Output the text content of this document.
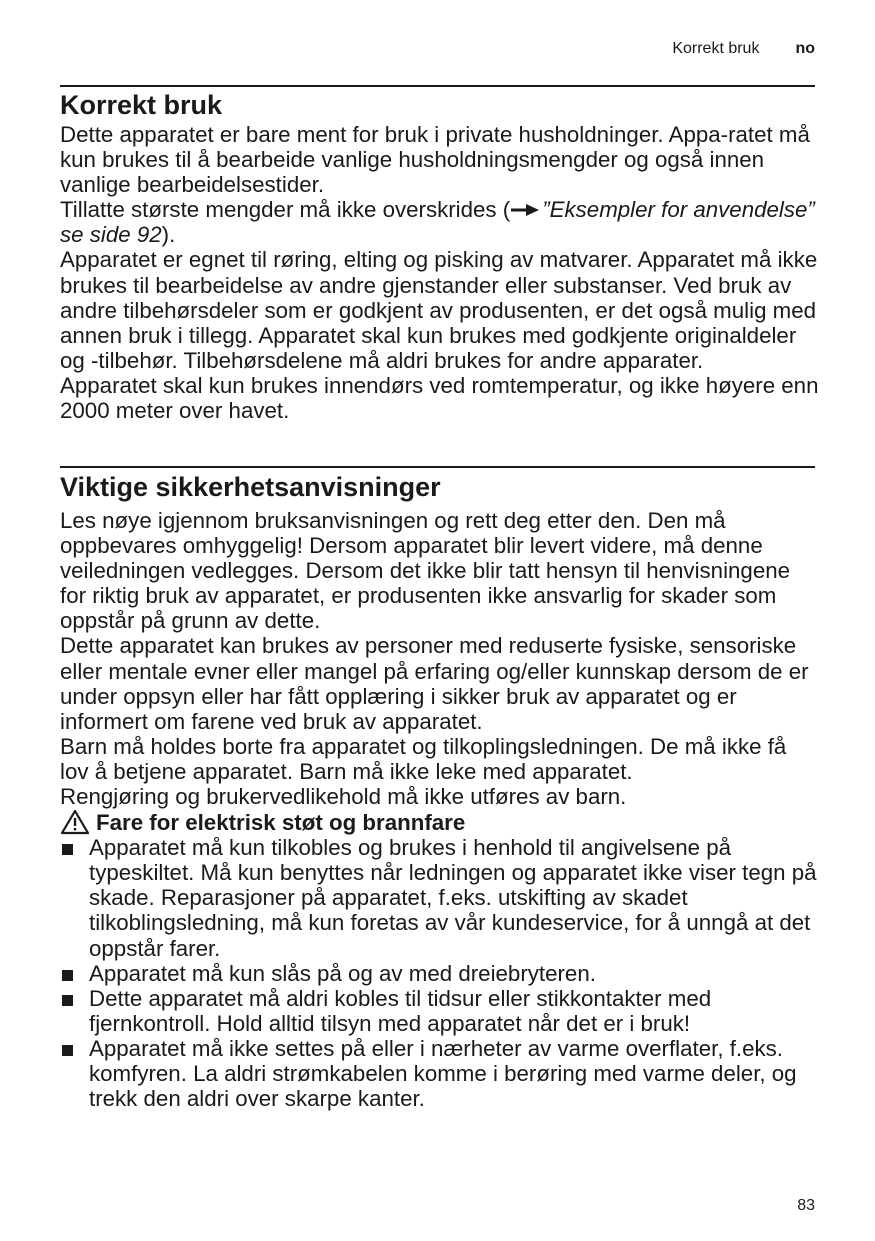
Korrekt bruk no
Korrekt bruk

Dette apparatet er bare ment for bruk i private husholdninger. Appa-ratet må kun brukes til å bearbeide vanlige husholdningsmengder og også innen vanlige bearbeidelsestider.

Tillatte største mengder må ikke overskrides ( ”Eksempler for anvendelse” se side 92).

Apparatet er egnet til røring, elting og pisking av matvarer. Apparatet må ikke brukes til bearbeidelse av andre gjenstander eller substanser. Ved bruk av andre tilbehørsdeler som er godkjent av produsenten, er det også mulig med annen bruk i tillegg. Apparatet skal kun brukes med godkjente originaldeler og -tilbehør. Tilbehørsdelene må aldri brukes for andre apparater.

Apparatet skal kun brukes innendørs ved romtemperatur, og ikke høyere enn 2000 meter over havet.

Viktige sikkerhetsanvisninger

Les nøye igjennom bruksanvisningen og rett deg etter den. Den må oppbevares omhyggelig! Dersom apparatet blir levert videre, må denne veiledningen vedlegges. Dersom det ikke blir tatt hensyn til henvisningene for riktig bruk av apparatet, er produsenten ikke ansvarlig for skader som oppstår på grunn av dette.

Dette apparatet kan brukes av personer med reduserte fysiske, sensoriske eller mentale evner eller mangel på erfaring og/eller kunnskap dersom de er under oppsyn eller har fått opplæring i sikker bruk av apparatet og er informert om farene ved bruk av apparatet.

Barn må holdes borte fra apparatet og tilkoplingsledningen. De må ikke få lov å betjene apparatet. Barn må ikke leke med apparatet.

Rengjøring og brukervedlikehold må ikke utføres av barn.

Fare for elektrisk støt og brannfare
Apparatet må kun tilkobles og brukes i henhold til angivelsene på typeskiltet. Må kun benyttes når ledningen og apparatet ikke viser tegn på skade. Reparasjoner på apparatet, f.eks. utskifting av skadet tilkoblingsledning, må kun foretas av vår kundeservice, for å unngå at det oppstår farer.
Apparatet må kun slås på og av med dreiebryteren.
Dette apparatet må aldri kobles til tidsur eller stikkontakter med fjernkontroll. Hold alltid tilsyn med apparatet når det er i bruk!
Apparatet må ikke settes på eller i nærheter av varme overflater, f.eks. komfyren. La aldri strømkabelen komme i berøring med varme deler, og trekk den aldri over skarpe kanter.
83
